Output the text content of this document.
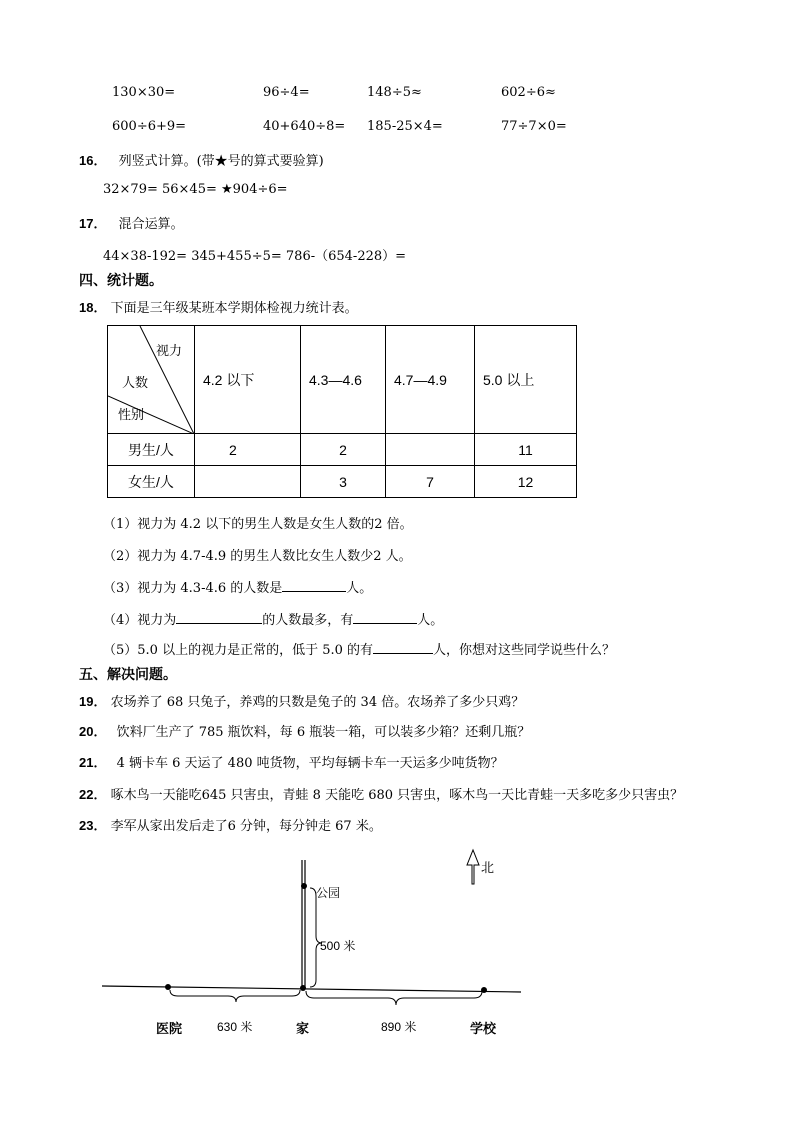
130×30=	96÷4=	148÷5≈	602÷6≈
600÷6+9=	40+640÷8= 185-25×4=	77÷7×0=
16． 列竖式计算。(带★号的算式要验算)
32×79= 56×45= ★904÷6=
17． 混合运算。
44×38-192= 345+455÷5= 786-（654-228）=
四、统计题。
18． 下面是三年级某班本学期体检视力统计表。
视力
人数
性别	4.2 以下	4.3—4.6	4.7—4.9	5.0 以上
男生/人	2	2		11
女生/人		3	7	12
（1）视力为 4.2 以下的男生人数是女生人数的2 倍。
（2）视力为 4.7-4.9 的男生人数比女生人数少2 人。
（3）视力为 4.3-4.6 的人数是	人。
（4）视力为	的人数最多，有	人。
（5）5.0 以上的视力是正常的，低于 5.0 的有	人，你想对这些同学说些什么？
五、解决问题。
19． 农场养了 68 只兔子，养鸡的只数是兔子的 34 倍。农场养了多少只鸡？
20． 饮料厂生产了 785 瓶饮料，每 6 瓶装一箱，可以装多少箱？还剩几瓶？
21． 4 辆卡车 6 天运了 480 吨货物，平均每辆卡车一天运多少吨货物？
22． 啄木鸟一天能吃645 只害虫，青蛙 8 天能吃 680 只害虫，啄木鸟一天比青蛙一天多吃多少只害虫？
23． 李军从家出发后走了6 分钟，每分钟走 67 米。
北
公园
500 米
医院	630 米	家	890 米	学校
